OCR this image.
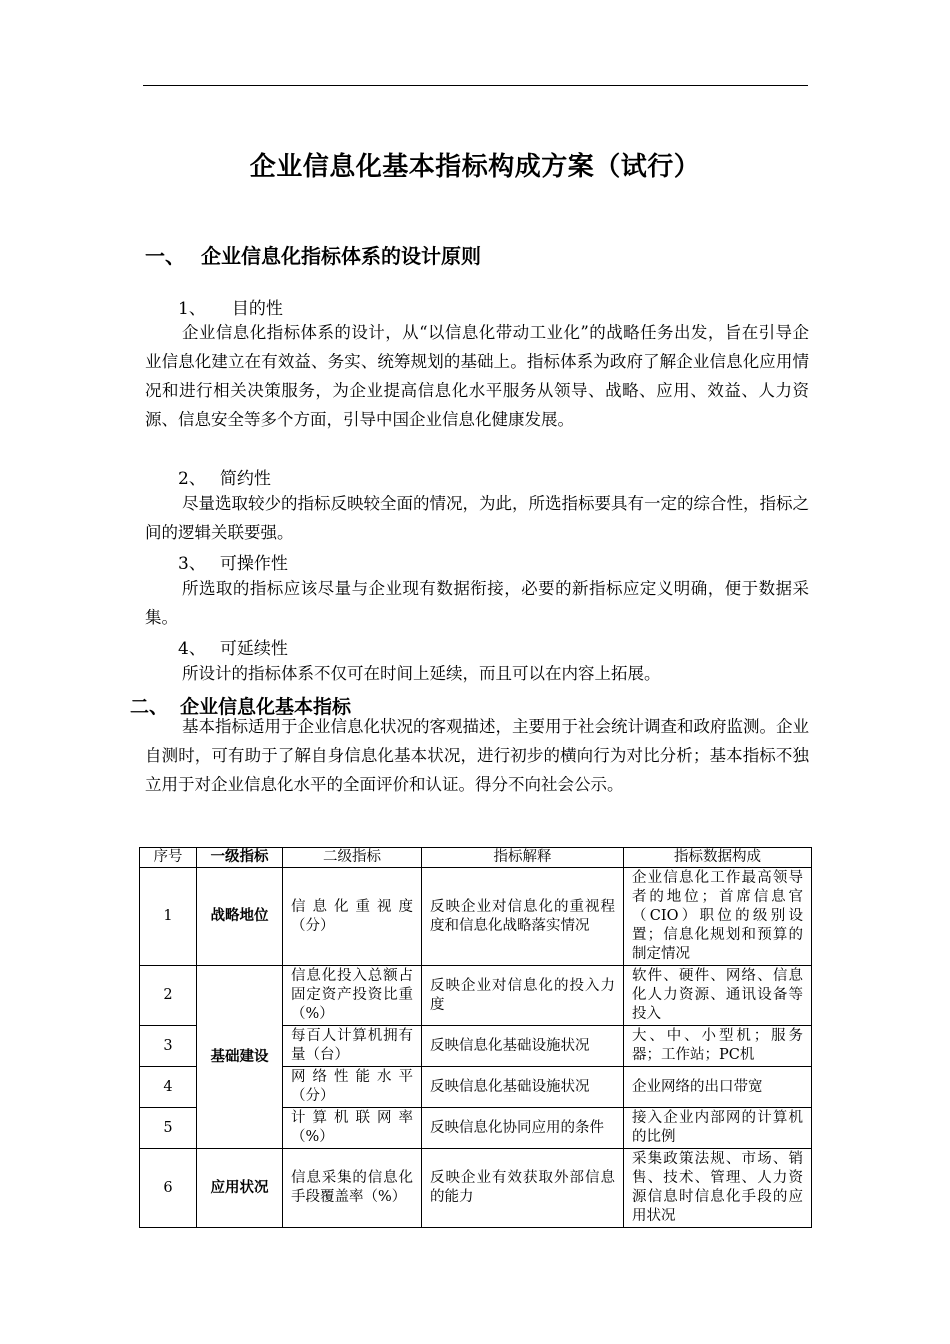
企业信息化基本指标构成方案（试行）
一、 企业信息化指标体系的设计原则
1、 目的性
企业信息化指标体系的设计，从“以信息化带动工业化”的战略任务出发，旨在引导企业信息化建立在有效益、务实、统筹规划的基础上。指标体系为政府了解企业信息化应用情况和进行相关决策服务，为企业提高信息化水平服务从领导、战略、应用、效益、人力资源、信息安全等多个方面，引导中国企业信息化健康发展。
2、 简约性
尽量选取较少的指标反映较全面的情况，为此，所选指标要具有一定的综合性，指标之间的逻辑关联要强。
3、 可操作性
所选取的指标应该尽量与企业现有数据衔接，必要的新指标应定义明确，便于数据采集。
4、 可延续性
所设计的指标体系不仅可在时间上延续，而且可以在内容上拓展。
二、 企业信息化基本指标
基本指标适用于企业信息化状况的客观描述，主要用于社会统计调查和政府监测。企业自测时，可有助于了解自身信息化基本状况，进行初步的横向行为对比分析；基本指标不独立用于对企业信息化水平的全面评价和认证。得分不向社会公示。
序号	一级指标	二级指标	指标解释	指标数据构成
1	战略地位	信息化重视度（分）	反映企业对信息化的重视程度和信息化战略落实情况	企业信息化工作最高领导者的地位；首席信息官（CIO）职位的级别设置；信息化规划和预算的制定情况
2	基础建设	信息化投入总额占固定资产投资比重（%）	反映企业对信息化的投入力度	软件、硬件、网络、信息化人力资源、通讯设备等投入
3		每百人计算机拥有量（台）	反映信息化基础设施状况	大、中、小型机；服务器；工作站；PC机
4		网络性能水平（分）	反映信息化基础设施状况	企业网络的出口带宽
5		计算机联网率（%）	反映信息化协同应用的条件	接入企业内部网的计算机的比例
6	应用状况	信息采集的信息化手段覆盖率（%）	反映企业有效获取外部信息的能力	采集政策法规、市场、销售、技术、管理、人力资源信息时信息化手段的应用状况
